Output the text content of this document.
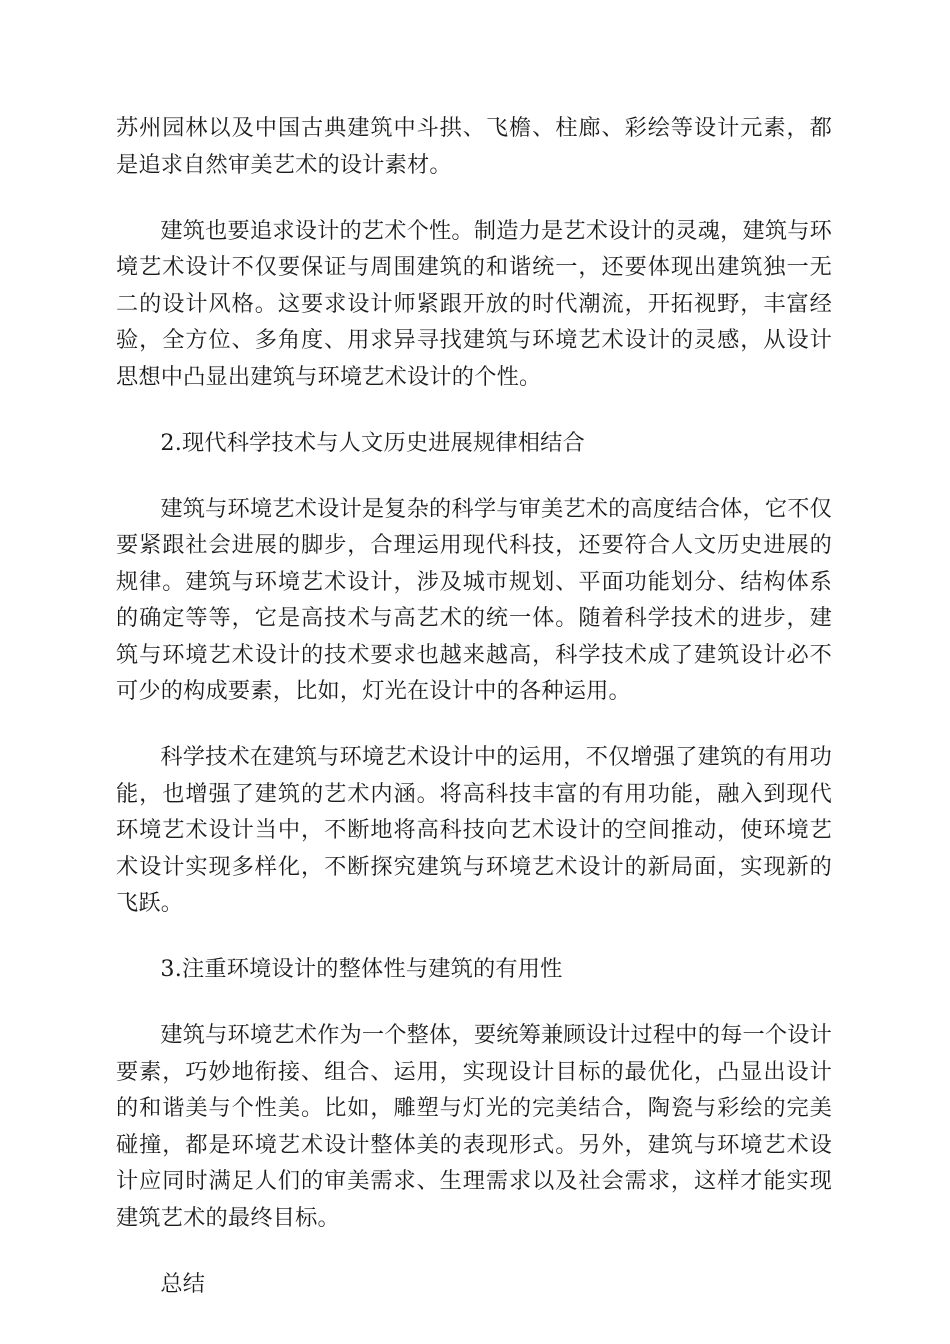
苏州园林以及中国古典建筑中斗拱、飞檐、柱廊、彩绘等设计元素，都是追求自然审美艺术的设计素材。

建筑也要追求设计的艺术个性。制造力是艺术设计的灵魂，建筑与环境艺术设计不仅要保证与周围建筑的和谐统一，还要体现出建筑独一无二的设计风格。这要求设计师紧跟开放的时代潮流，开拓视野，丰富经验，全方位、多角度、用求异寻找建筑与环境艺术设计的灵感，从设计思想中凸显出建筑与环境艺术设计的个性。

2.现代科学技术与人文历史进展规律相结合

建筑与环境艺术设计是复杂的科学与审美艺术的高度结合体，它不仅要紧跟社会进展的脚步，合理运用现代科技，还要符合人文历史进展的规律。建筑与环境艺术设计，涉及城市规划、平面功能划分、结构体系的确定等等，它是高技术与高艺术的统一体。随着科学技术的进步，建筑与环境艺术设计的技术要求也越来越高，科学技术成了建筑设计必不可少的构成要素，比如，灯光在设计中的各种运用。

科学技术在建筑与环境艺术设计中的运用，不仅增强了建筑的有用功能，也增强了建筑的艺术内涵。将高科技丰富的有用功能，融入到现代环境艺术设计当中，不断地将高科技向艺术设计的空间推动，使环境艺术设计实现多样化，不断探究建筑与环境艺术设计的新局面，实现新的飞跃。

3.注重环境设计的整体性与建筑的有用性

建筑与环境艺术作为一个整体，要统筹兼顾设计过程中的每一个设计要素，巧妙地衔接、组合、运用，实现设计目标的最优化，凸显出设计的和谐美与个性美。比如，雕塑与灯光的完美结合，陶瓷与彩绘的完美碰撞，都是环境艺术设计整体美的表现形式。另外，建筑与环境艺术设计应同时满足人们的审美需求、生理需求以及社会需求，这样才能实现建筑艺术的最终目标。

总结
